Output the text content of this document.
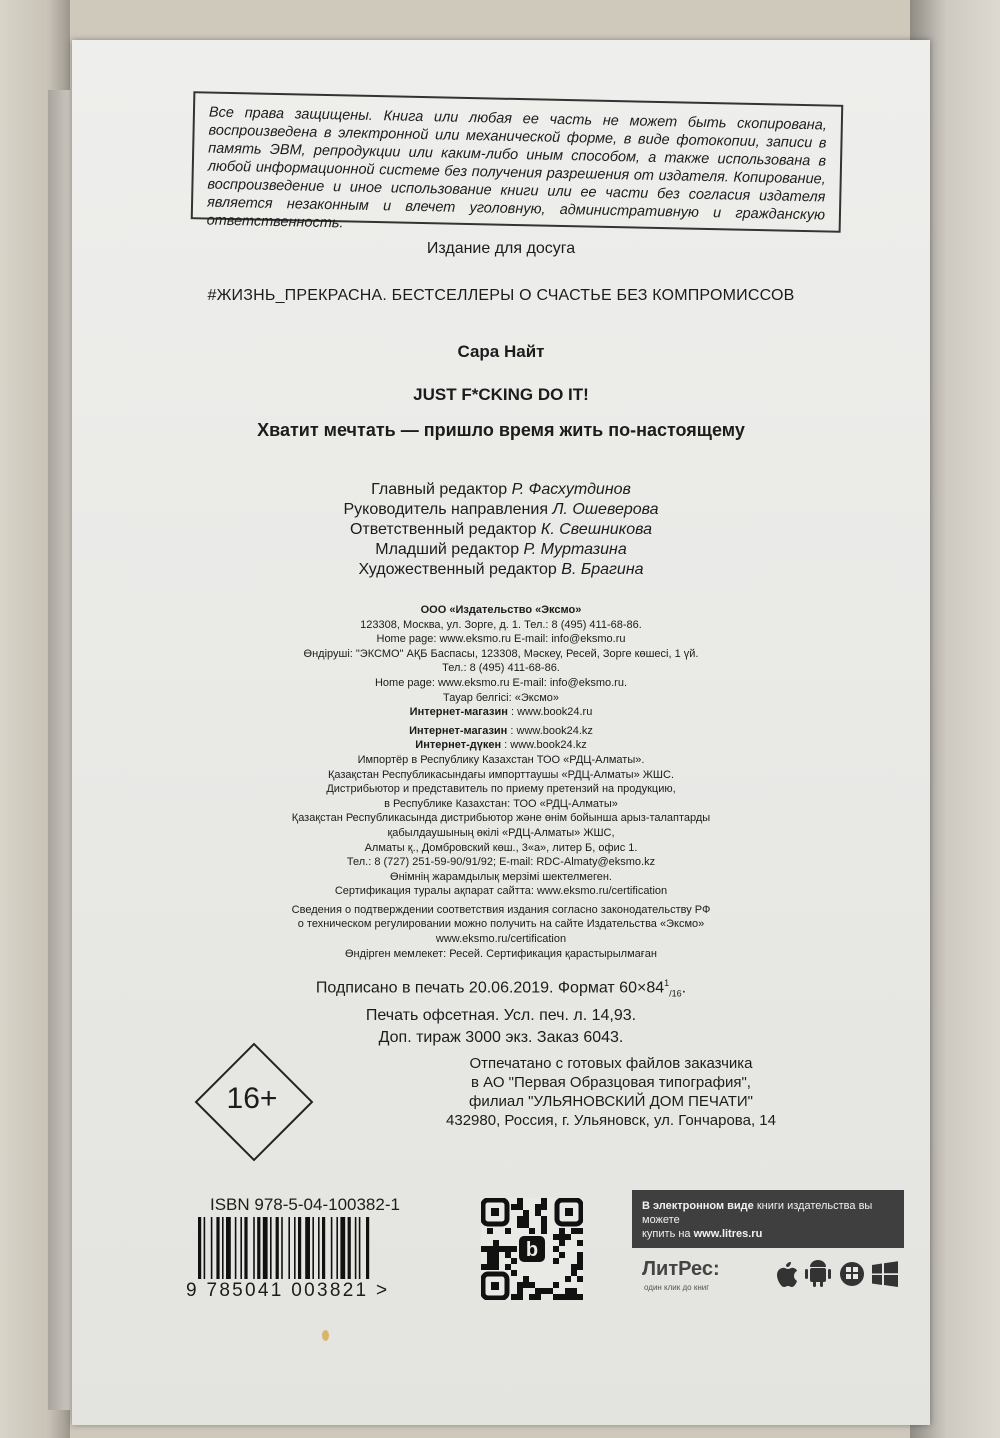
Все права защищены. Книга или любая ее часть не может быть скопирована, воспроизведена в электронной или механической форме, в виде фотокопии, записи в память ЭВМ, репродукции или каким-либо иным способом, а также использована в любой информационной системе без получения разрешения от издателя. Копирование, воспроизведение и иное использование книги или ее части без согласия издателя является незаконным и влечет уголовную, административную и гражданскую ответственность.
Издание для досуга
#ЖИЗНЬ_ПРЕКРАСНА. БЕСТСЕЛЛЕРЫ О СЧАСТЬЕ БЕЗ КОМПРОМИССОВ
Сара Найт
JUST F*CKING DO IT!
Хватит мечтать — пришло время жить по-настоящему
Главный редактор Р. Фасхутдинов
Руководитель направления Л. Ошеверова
Ответственный редактор К. Свешникова
Младший редактор Р. Муртазина
Художественный редактор В. Брагина
ООО «Издательство «Эксмо»
123308, Москва, ул. Зорге, д. 1. Тел.: 8 (495) 411-68-86.
Home page: www.eksmo.ru E-mail: info@eksmo.ru
Өндіруші: "ЭКСМО" АҚБ Баспасы, 123308, Мәскеу, Ресей, Зорге көшесі, 1 үй.
Тел.: 8 (495) 411-68-86.
Home page: www.eksmo.ru E-mail: info@eksmo.ru.
Тауар белгісі: «Эксмо»
Интернет-магазин : www.book24.ru
Интернет-магазин : www.book24.kz
Интернет-дүкен : www.book24.kz
Импортёр в Республику Казахстан ТОО «РДЦ-Алматы».
Қазақстан Республикасындағы импорттаушы «РДЦ-Алматы» ЖШС.
Дистрибьютор и представитель по приему претензий на продукцию,
в Республике Казахстан: ТОО «РДЦ-Алматы»
Қазақстан Республикасында дистрибьютор және өнім бойынша арыз-талаптарды
қабылдаушының өкілі «РДЦ-Алматы» ЖШС,
Алматы қ., Домбровский көш., 3«а», литер Б, офис 1.
Тел.: 8 (727) 251-59-90/91/92; E-mail: RDC-Almaty@eksmo.kz
Өнімнің жарамдылық мерзімі шектелмеген.
Сертификация туралы ақпарат сайтта: www.eksmo.ru/certification
Сведения о подтверждении соответствия издания согласно законодательству РФ
о техническом регулировании можно получить на сайте Издательства «Эксмо»
www.eksmo.ru/certification
Өндірген мемлекет: Ресей. Сертификация қарастырылмаған
Подписано в печать 20.06.2019. Формат $60\times 84^1_{/16}$.
Печать офсетная. Усл. печ. л. 14,93.
Доп. тираж 3000 экз. Заказ 6043.
Отпечатано с готовых файлов заказчика
в АО "Первая Образцовая типография",
филиал "УЛЬЯНОВСКИЙ ДОМ ПЕЧАТИ"
432980, Россия, г. Ульяновск, ул. Гончарова, 14
16+
ISBN 978-5-04-100382-1
9 785041 003821 >
b
В электронном виде книги издательства вы можете
купить на www.litres.ru
ЛитРес:
один клик до книг
